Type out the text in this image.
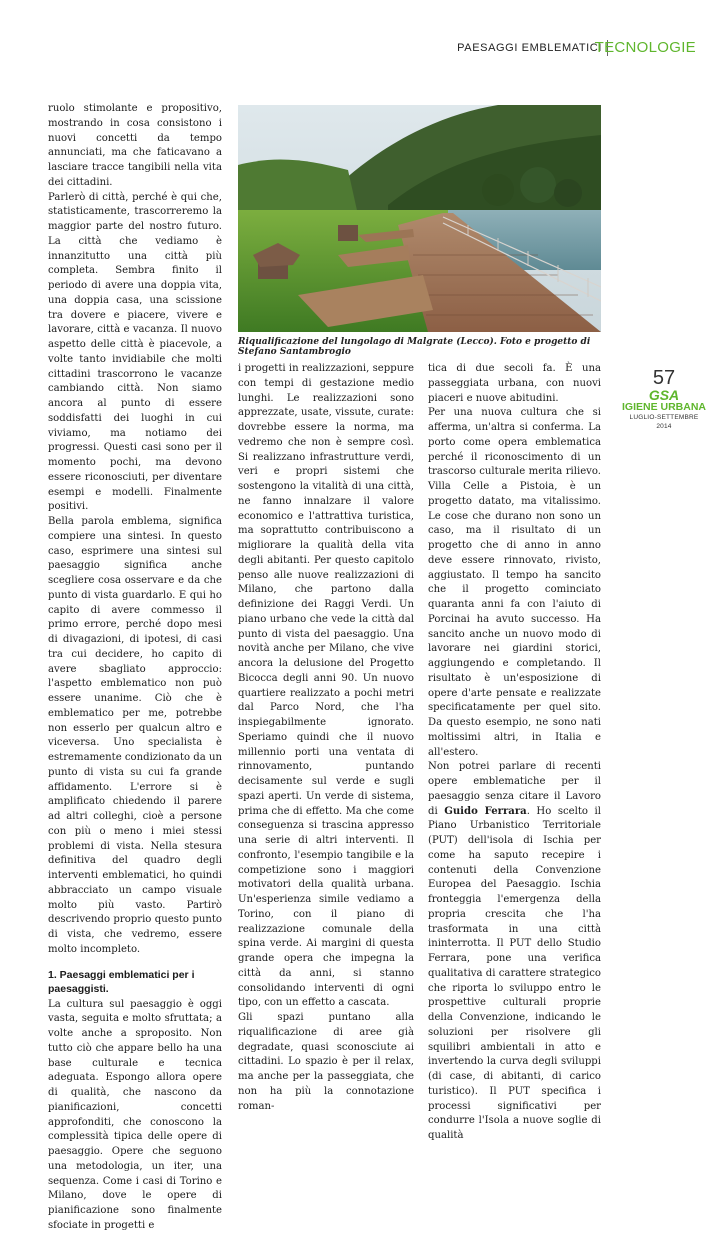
PAESAGGI EMBLEMATICI
TECNOLOGIE

ruolo stimolante e propositivo, mostrando in cosa consistono i nuovi concetti da tempo annunciati, ma che faticavano a lasciare tracce tangibili nella vita dei cittadini.

Parlerò di città, perché è qui che, statisticamente, trascorreremo la maggior parte del nostro futuro. La città che vediamo è innanzitutto una città più completa. Sembra finito il periodo di avere una doppia vita, una doppia casa, una scissione tra dovere e piacere, vivere e lavorare, città e vacanza. Il nuovo aspetto delle città è piacevole, a volte tanto invidiabile che molti cittadini trascorrono le vacanze cambiando città. Non siamo ancora al punto di essere soddisfatti dei luoghi in cui viviamo, ma notiamo dei progressi. Questi casi sono per il momento pochi, ma devono essere riconosciuti, per diventare esempi e modelli. Finalmente positivi.

Bella parola emblema, significa compiere una sintesi. In questo caso, esprimere una sintesi sul paesaggio significa anche scegliere cosa osservare e da che punto di vista guardarlo. E qui ho capito di avere commesso il primo errore, perché dopo mesi di divagazioni, di ipotesi, di casi tra cui decidere, ho capito di avere sbagliato approccio: l'aspetto emblematico non può essere unanime. Ciò che è emblematico per me, potrebbe non esserlo per qualcun altro e viceversa. Uno specialista è estremamente condizionato da un punto di vista su cui fa grande affidamento. L'errore si è amplificato chiedendo il parere ad altri colleghi, cioè a persone con più o meno i miei stessi problemi di vista. Nella stesura definitiva del quadro degli interventi emblematici, ho quindi abbracciato un campo visuale molto più vasto. Partirò descrivendo proprio questo punto di vista, che vedremo, essere molto incompleto.

1. Paesaggi emblematici per i paesaggisti.

La cultura sul paesaggio è oggi vasta, seguita e molto sfruttata; a volte anche a sproposito. Non tutto ciò che appare bello ha una base culturale e tecnica adeguata. Espongo allora opere di qualità, che nascono da pianificazioni, concetti approfonditi, che conoscono la complessità tipica delle opere di paesaggio. Opere che seguono una metodologia, un iter, una sequenza. Come i casi di Torino e Milano, dove le opere di pianificazione sono finalmente sfociate in progetti e

Riqualificazione del lungolago di Malgrate (Lecco). Foto e progetto di Stefano Santambrogio

i progetti in realizzazioni, seppure con tempi di gestazione medio lunghi. Le realizzazioni sono apprezzate, usate, vissute, curate: dovrebbe essere la norma, ma vedremo che non è sempre così. Si realizzano infrastrutture verdi, veri e propri sistemi che sostengono la vitalità di una città, ne fanno innalzare il valore economico e l'attrattiva turistica, ma soprattutto contribuiscono a migliorare la qualità della vita degli abitanti. Per questo capitolo penso alle nuove realizzazioni di Milano, che partono dalla definizione dei Raggi Verdi. Un piano urbano che vede la città dal punto di vista del paesaggio. Una novità anche per Milano, che vive ancora la delusione del Progetto Bicocca degli anni 90. Un nuovo quartiere realizzato a pochi metri dal Parco Nord, che l'ha inspiegabilmente ignorato. Speriamo quindi che il nuovo millennio porti una ventata di rinnovamento, puntando decisamente sul verde e sugli spazi aperti. Un verde di sistema, prima che di effetto. Ma che come conseguenza si trascina appresso una serie di altri interventi. Il confronto, l'esempio tangibile e la competizione sono i maggiori motivatori della qualità urbana. Un'esperienza simile vediamo a Torino, con il piano di realizzazione comunale della spina verde. Ai margini di questa grande opera che impegna la città da anni, si stanno consolidando interventi di ogni tipo, con un effetto a cascata.

Gli spazi puntano alla riqualificazione di aree già degradate, quasi sconosciute ai cittadini. Lo spazio è per il relax, ma anche per la passeggiata, che non ha più la connotazione roman-

tica di due secoli fa. È una passeggiata urbana, con nuovi piaceri e nuove abitudini.

Per una nuova cultura che si afferma, un'altra si conferma. La porto come opera emblematica perché il riconoscimento di un trascorso culturale merita rilievo. Villa Celle a Pistoia, è un progetto datato, ma vitalissimo. Le cose che durano non sono un caso, ma il risultato di un progetto che di anno in anno deve essere rinnovato, rivisto, aggiustato. Il tempo ha sancito che il progetto cominciato quaranta anni fa con l'aiuto di Porcinai ha avuto successo. Ha sancito anche un nuovo modo di lavorare nei giardini storici, aggiungendo e completando. Il risultato è un'esposizione di opere d'arte pensate e realizzate specificatamente per quel sito. Da questo esempio, ne sono nati moltissimi altri, in Italia e all'estero.

Non potrei parlare di recenti opere emblematiche per il paesaggio senza citare il Lavoro di Guido Ferrara. Ho scelto il Piano Urbanistico Territoriale (PUT) dell'isola di Ischia per come ha saputo recepire i contenuti della Convenzione Europea del Paesaggio. Ischia fronteggia l'emergenza della propria crescita che l'ha trasformata in una città ininterrotta. Il PUT dello Studio Ferrara, pone una verifica qualitativa di carattere strategico che riporta lo sviluppo entro le prospettive culturali proprie della Convenzione, indicando le soluzioni per risolvere gli squilibri ambientali in atto e invertendo la curva degli sviluppi (di case, di abitanti, di carico turistico). Il PUT specifica i processi significativi per condurre l'Isola a nuove soglie di qualità

57
GSA
IGIENE URBANA
LUGLIO-SETTEMBRE 2014
